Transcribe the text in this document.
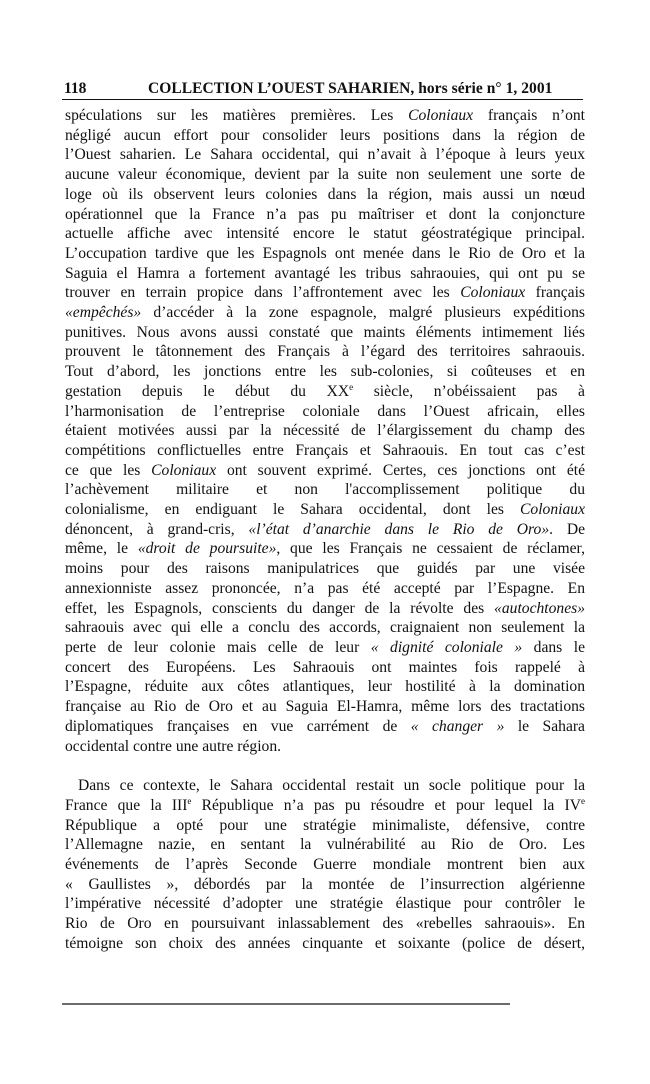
118	COLLECTION L’OUEST SAHARIEN, hors série n° 1, 2001

spéculations sur les matières premières. Les Coloniaux français n’ont
négligé aucun effort pour consolider leurs positions dans la région de
l’Ouest saharien. Le Sahara occidental, qui n’avait à l’époque à leurs yeux
aucune valeur économique, devient par la suite non seulement une sorte de
loge où ils observent leurs colonies dans la région, mais aussi un nœud
opérationnel que la France n’a pas pu maîtriser et dont la conjoncture
actuelle affiche avec intensité encore le statut géostratégique principal.
L’occupation tardive que les Espagnols ont menée dans le Rio de Oro et la
Saguia el Hamra a fortement avantagé les tribus sahraouies, qui ont pu se
trouver en terrain propice dans l’affrontement avec les Coloniaux français
«empêchés» d’accéder à la zone espagnole, malgré plusieurs expéditions
punitives. Nous avons aussi constaté que maints éléments intimement liés
prouvent le tâtonnement des Français à l’égard des territoires sahraouis.
Tout d’abord, les jonctions entre les sub-colonies, si coûteuses et en
gestation depuis le début du XXe siècle, n’obéissaient pas à
l’harmonisation de l’entreprise coloniale dans l’Ouest africain, elles
étaient motivées aussi par la nécessité de l’élargissement du champ des
compétitions conflictuelles entre Français et Sahraouis. En tout cas c’est
ce que les Coloniaux ont souvent exprimé. Certes, ces jonctions ont été
l’achèvement militaire et non l'accomplissement politique du
colonialisme, en endiguant le Sahara occidental, dont les Coloniaux
dénoncent, à grand-cris, «l’état d’anarchie dans le Rio de Oro». De
même, le «droit de poursuite», que les Français ne cessaient de réclamer,
moins pour des raisons manipulatrices que guidés par une visée
annexionniste assez prononcée, n’a pas été accepté par l’Espagne. En
effet, les Espagnols, conscients du danger de la révolte des «autochtones»
sahraouis avec qui elle a conclu des accords, craignaient non seulement la
perte de leur colonie mais celle de leur « dignité coloniale » dans le
concert des Européens. Les Sahraouis ont maintes fois rappelé à
l’Espagne, réduite aux côtes atlantiques, leur hostilité à la domination
française au Rio de Oro et au Saguia El-Hamra, même lors des tractations
diplomatiques françaises en vue carrément de « changer » le Sahara
occidental contre une autre région.

Dans ce contexte, le Sahara occidental restait un socle politique pour la
France que la IIIe République n’a pas pu résoudre et pour lequel la IVe
République a opté pour une stratégie minimaliste, défensive, contre
l’Allemagne nazie, en sentant la vulnérabilité au Rio de Oro. Les
événements de l’après Seconde Guerre mondiale montrent bien aux
« Gaullistes », débordés par la montée de l’insurrection algérienne
l’impérative nécessité d’adopter une stratégie élastique pour contrôler le
Rio de Oro en poursuivant inlassablement des «rebelles sahraouis». En
témoigne son choix des années cinquante et soixante (police de désert,
